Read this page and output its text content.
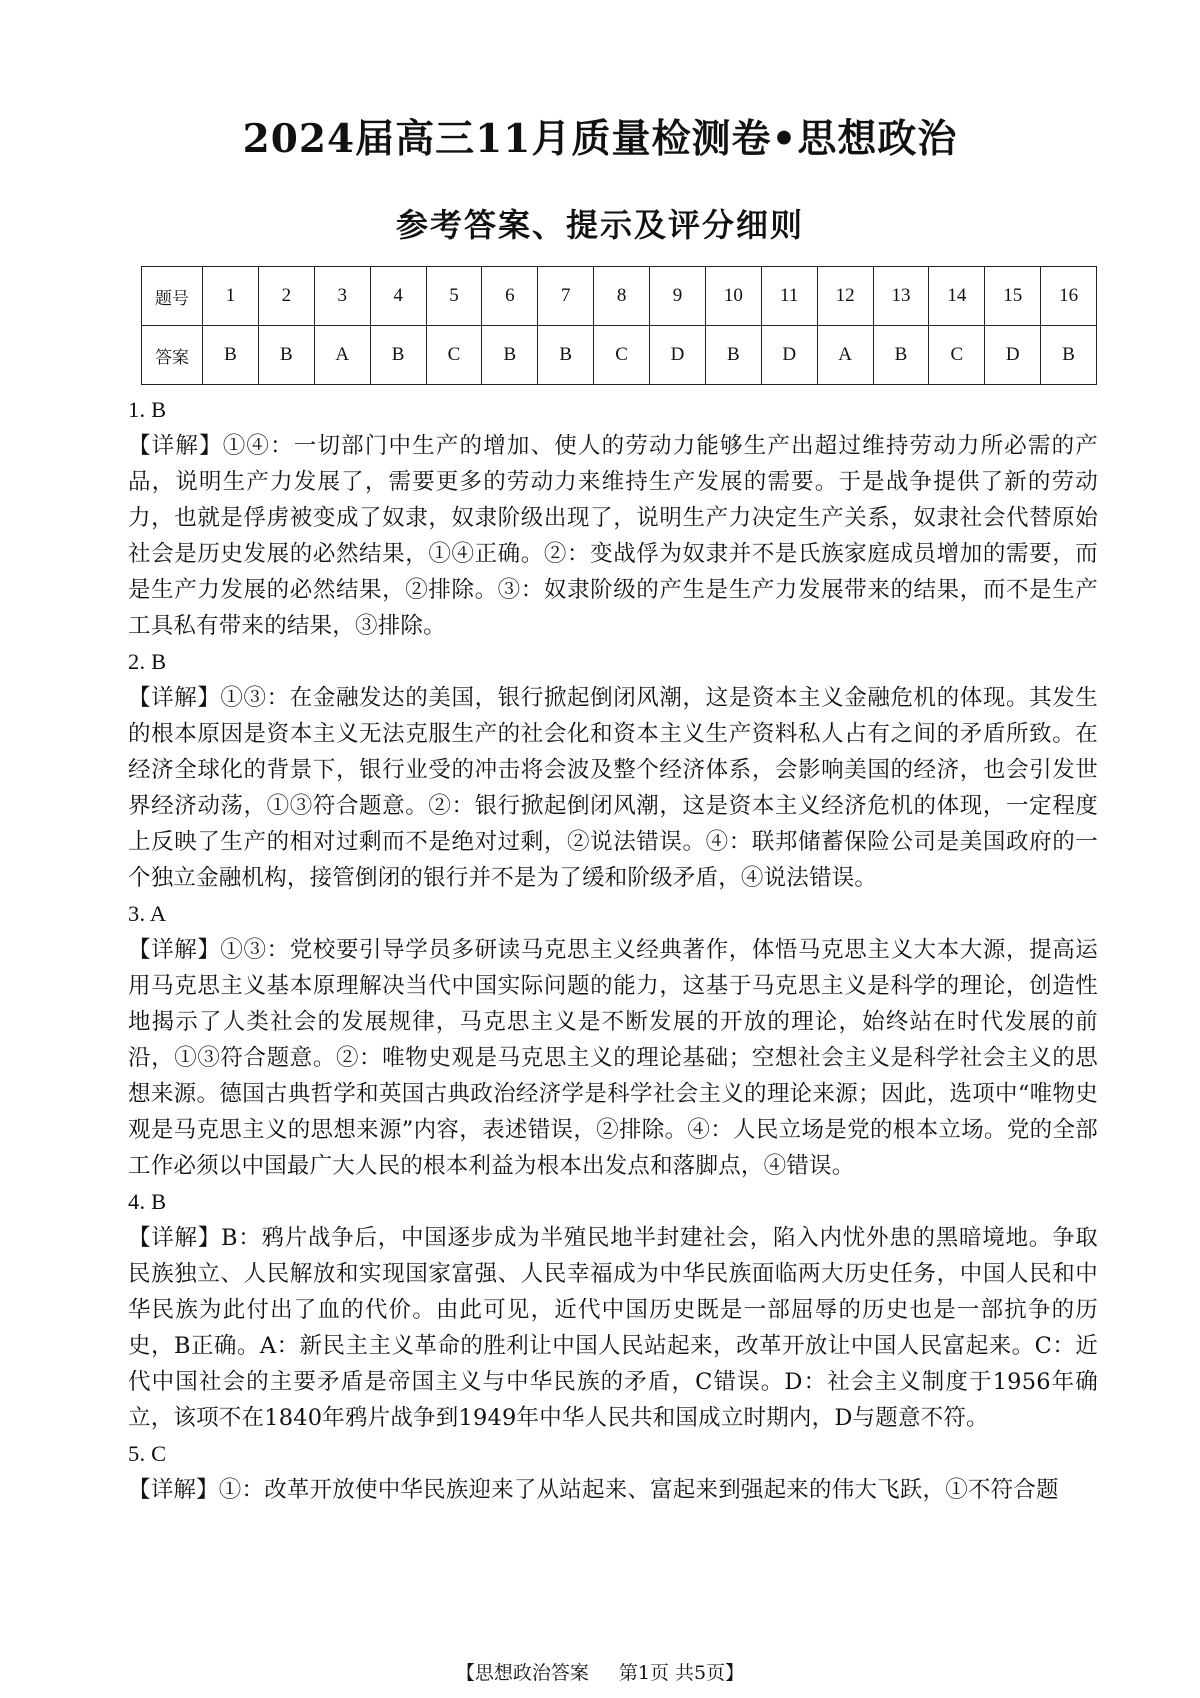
2024届高三11月质量检测卷•思想政治
参考答案、提示及评分细则
题号	1	2	3	4	5	6	7	8	9	10	11	12	13	14	15	16
答案	B	B	A	B	C	B	B	C	D	B	D	A	B	C	D	B

1. B

【详解】①④：一切部门中生产的增加、使人的劳动力能够生产出超过维持劳动力所必需的产品，说明生产力发展了，需要更多的劳动力来维持生产发展的需要。于是战争提供了新的劳动力，也就是俘虏被变成了奴隶，奴隶阶级出现了，说明生产力决定生产关系，奴隶社会代替原始社会是历史发展的必然结果，①④正确。②：变战俘为奴隶并不是氏族家庭成员增加的需要，而是生产力发展的必然结果，②排除。③：奴隶阶级的产生是生产力发展带来的结果，而不是生产工具私有带来的结果，③排除。

2. B

【详解】①③：在金融发达的美国，银行掀起倒闭风潮，这是资本主义金融危机的体现。其发生的根本原因是资本主义无法克服生产的社会化和资本主义生产资料私人占有之间的矛盾所致。在经济全球化的背景下，银行业受的冲击将会波及整个经济体系，会影响美国的经济，也会引发世界经济动荡，①③符合题意。②：银行掀起倒闭风潮，这是资本主义经济危机的体现，一定程度上反映了生产的相对过剩而不是绝对过剩，②说法错误。④：联邦储蓄保险公司是美国政府的一个独立金融机构，接管倒闭的银行并不是为了缓和阶级矛盾，④说法错误。

3. A

【详解】①③：党校要引导学员多研读马克思主义经典著作，体悟马克思主义大本大源，提高运用马克思主义基本原理解决当代中国实际问题的能力，这基于马克思主义是科学的理论，创造性地揭示了人类社会的发展规律，马克思主义是不断发展的开放的理论，始终站在时代发展的前沿，①③符合题意。②：唯物史观是马克思主义的理论基础；空想社会主义是科学社会主义的思想来源。德国古典哲学和英国古典政治经济学是科学社会主义的理论来源；因此，选项中“唯物史观是马克思主义的思想来源”内容，表述错误，②排除。④：人民立场是党的根本立场。党的全部工作必须以中国最广大人民的根本利益为根本出发点和落脚点，④错误。

4. B

【详解】B：鸦片战争后，中国逐步成为半殖民地半封建社会，陷入内忧外患的黑暗境地。争取民族独立、人民解放和实现国家富强、人民幸福成为中华民族面临两大历史任务，中国人民和中华民族为此付出了血的代价。由此可见，近代中国历史既是一部屈辱的历史也是一部抗争的历史，B正确。A：新民主主义革命的胜利让中国人民站起来，改革开放让中国人民富起来。C：近代中国社会的主要矛盾是帝国主义与中华民族的矛盾，C错误。D：社会主义制度于1956年确立，该项不在1840年鸦片战争到1949年中华人民共和国成立时期内，D与题意不符。

5. C

【详解】①：改革开放使中华民族迎来了从站起来、富起来到强起来的伟大飞跃，①不符合题

【思想政治答案 第1页 共5页】
